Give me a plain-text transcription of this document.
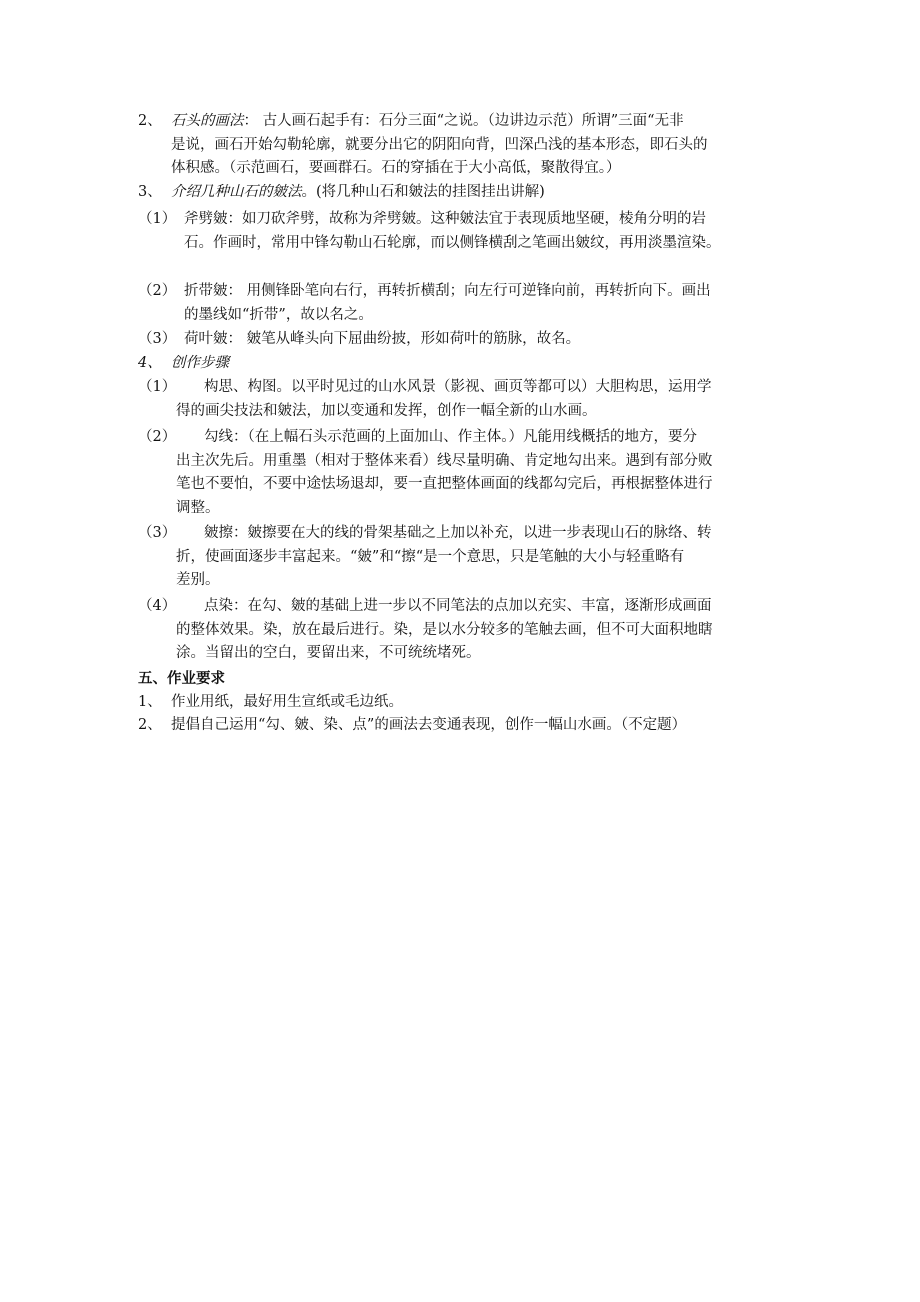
2、 石头的画法： 古人画石起手有：石分三面“之说。（边讲边示范）所谓”三面“无非
是说，画石开始勾勒轮廓，就要分出它的阴阳向背，凹深凸浅的基本形态，即石头的
体积感。（示范画石，要画群石。石的穿插在于大小高低，聚散得宜。）
3、 介绍几种山石的皴法。(将几种山石和皴法的挂图挂出讲解)
（1） 斧劈皴：如刀砍斧劈，故称为斧劈皴。这种皴法宜于表现质地坚硬，棱角分明的岩
石。作画时，常用中锋勾勒山石轮廓，而以侧锋横刮之笔画出皴纹，再用淡墨渲染。
（2） 折带皴： 用侧锋卧笔向右行，再转折横刮；向左行可逆锋向前，再转折向下。画出
的墨线如“折带”，故以名之。
（3） 荷叶皴： 皴笔从峰头向下屈曲纷披，形如荷叶的筋脉，故名。
4、 创作步骤
（1） 构思、构图。以平时见过的山水风景（影视、画页等都可以）大胆构思，运用学
得的画尖技法和皴法，加以变通和发挥，创作一幅全新的山水画。
（2） 勾线：（在上幅石头示范画的上面加山、作主体。）凡能用线概括的地方，要分
出主次先后。用重墨（相对于整体来看）线尽量明确、肯定地勾出来。遇到有部分败
笔也不要怕，不要中途怯场退却，要一直把整体画面的线都勾完后，再根据整体进行
调整。
（3） 皴擦：皴擦要在大的线的骨架基础之上加以补充，以进一步表现山石的脉络、转
折，使画面逐步丰富起来。“皴”和“擦“是一个意思，只是笔触的大小与轻重略有
差别。
（4） 点染：在勾、皴的基础上进一步以不同笔法的点加以充实、丰富，逐渐形成画面
的整体效果。染，放在最后进行。染，是以水分较多的笔触去画，但不可大面积地瞎
涂。当留出的空白，要留出来，不可统统堵死。
五、作业要求
1、 作业用纸，最好用生宣纸或毛边纸。
2、 提倡自己运用“勾、皴、染、点”的画法去变通表现，创作一幅山水画。（不定题）
